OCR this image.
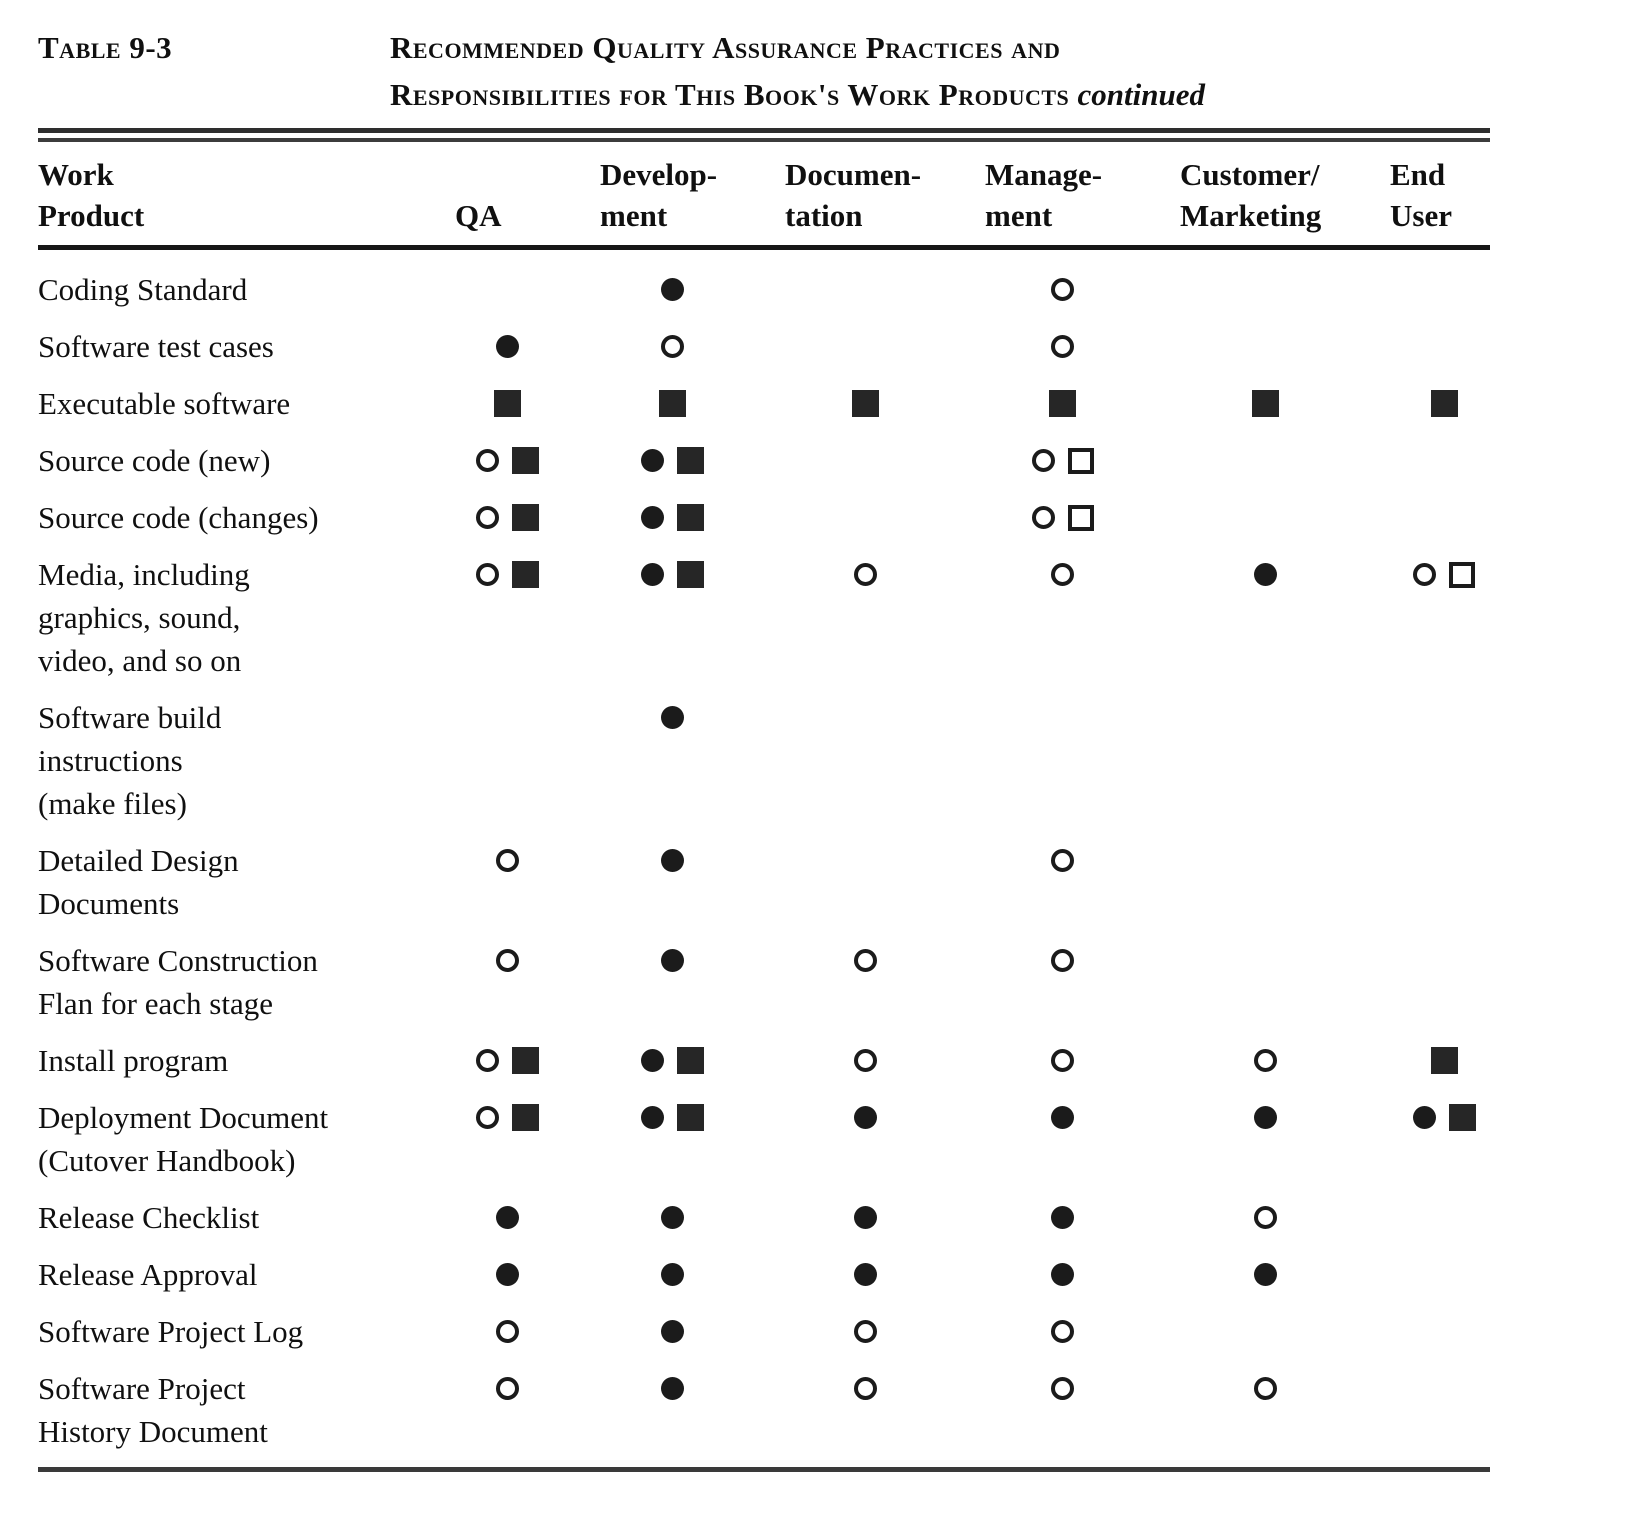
Table 9-3	Recommended Quality Assurance Practices and
Responsibilities for This Book's Work Products continued
Work
Product	QA
Develop-
ment
Documen-
tation
Manage-
ment
Customer/
Marketing
End
User
Coding Standard
Software test cases
Executable software
Source code (new)
Source code (changes)
Media, including
graphics, sound,
video, and so on
Software build
instructions
(make files)
Detailed Design
Documents
Software Construction
Flan for each stage
Install program
Deployment Document
(Cutover Handbook)
Release Checklist
Release Approval
Software Project Log
Software Project
History Document
